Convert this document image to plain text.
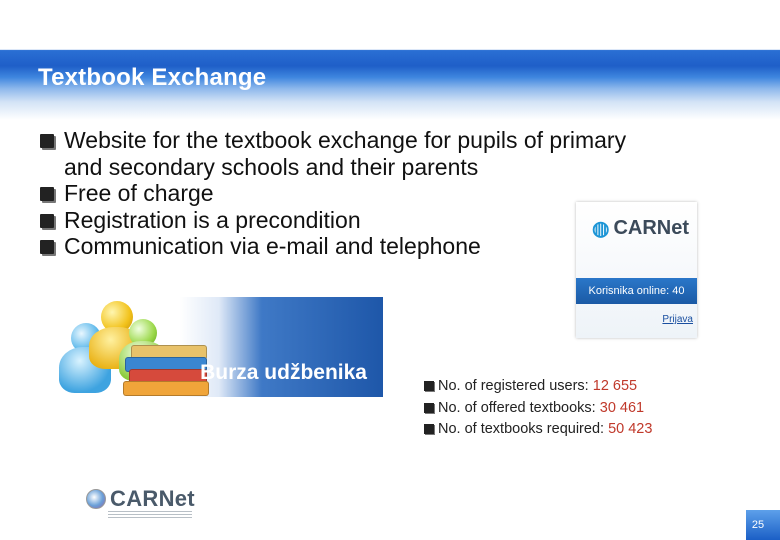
Textbook Exchange
Website for the textbook exchange for pupils of primary
and secondary schools and their parents
Free of charge
Registration is a precondition
Communication via e-mail and telephone
◍ CARNet
Korisnika online: 40
Prijava
Burza udžbenika
No. of registered users: 12 655
No. of offered textbooks: 30 461
No. of textbooks required: 50 423
CARNet
25
